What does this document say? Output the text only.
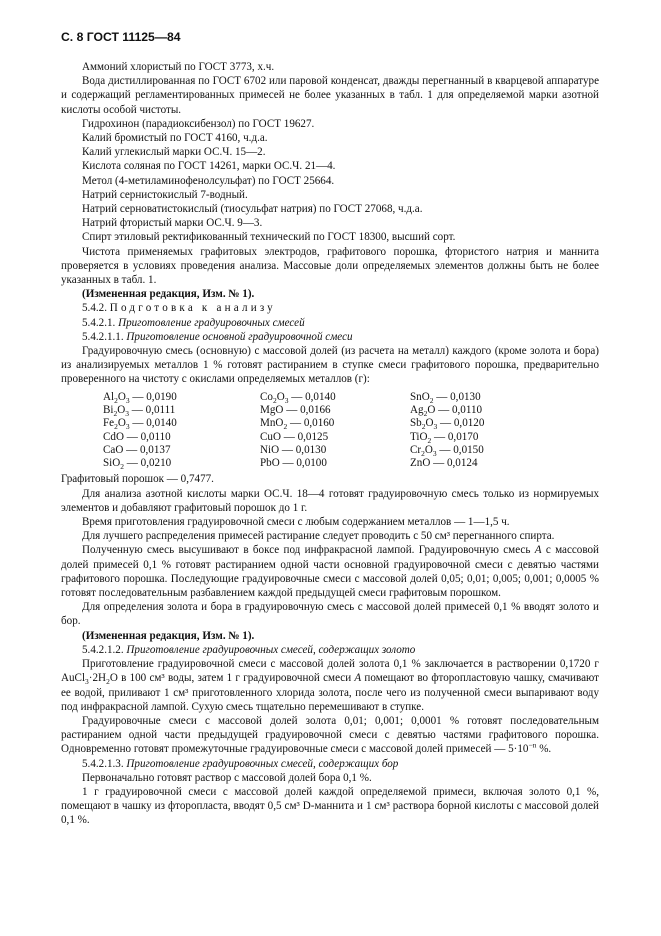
С. 8 ГОСТ 11125—84

Аммоний хлористый по ГОСТ 3773, х.ч.

Вода дистиллированная по ГОСТ 6702 или паровой конденсат, дважды перегнанный в кварцевой аппаратуре и содержащий регламентированных примесей не более указанных в табл. 1 для определяемой марки азотной кислоты особой чистоты.

Гидрохинон (парадиоксибензол) по ГОСТ 19627.

Калий бромистый по ГОСТ 4160, ч.д.а.

Калий углекислый марки ОС.Ч. 15—2.

Кислота соляная по ГОСТ 14261, марки ОС.Ч. 21—4.

Метол (4-метиламинофенолсульфат) по ГОСТ 25664.

Натрий сернистокислый 7-водный.

Натрий серноватистокислый (тиосульфат натрия) по ГОСТ 27068, ч.д.а.

Натрий фтористый марки ОС.Ч. 9—3.

Спирт этиловый ректификованный технический по ГОСТ 18300, высший сорт.

Чистота применяемых графитовых электродов, графитового порошка, фтористого натрия и маннита проверяется в условиях проведения анализа. Массовые доли определяемых элементов должны быть не более указанных в табл. 1.

(Измененная редакция, Изм. № 1).

5.4.2. Подготовка к анализу

5.4.2.1. Приготовление градуировочных смесей

5.4.2.1.1. Приготовление основной градуировочной смеси

Градуировочную смесь (основную) с массовой долей (из расчета на металл) каждого (кроме золота и бора) из анализируемых металлов 1 % готовят растиранием в ступке смеси графитового порошка, предварительно проверенного на чистоту с окислами определяемых металлов (г):

$Al_2O_3$ — 0,0190	$Co_2O_3$ — 0,0140	SnO$_2$ — 0,0130
$Bi_2O_3$ — 0,0111	MgO — 0,0166	$Ag_2O$ — 0,0110
$Fe_2O_3$ — 0,0140	MnO$_2$ — 0,0160	$Sb_2O_3$ — 0,0120
CdO — 0,0110	CuO — 0,0125	TiO$_2$ — 0,0170
CaO — 0,0137	NiO — 0,0130	$Cr_2O_3$ — 0,0150
SiO$_2$ — 0,0210	PbO — 0,0100	ZnO — 0,0124

Графитовый порошок — 0,7477.

Для анализа азотной кислоты марки ОС.Ч. 18—4 готовят градуировочную смесь только из нормируемых элементов и добавляют графитовый порошок до 1 г.

Время приготовления градуировочной смеси с любым содержанием металлов — 1—1,5 ч.

Для лучшего распределения примесей растирание следует проводить с 50 см³ перегнанного спирта.

Полученную смесь высушивают в боксе под инфракрасной лампой. Градуировочную смесь А с массовой долей примесей 0,1 % готовят растиранием одной части основной градуировочной смеси с девятью частями графитового порошка. Последующие градуировочные смеси с массовой долей 0,05; 0,01; 0,005; 0,001; 0,0005 % готовят последовательным разбавлением каждой предыдущей смеси графитовым порошком.

Для определения золота и бора в градуировочную смесь с массовой долей примесей 0,1 % вводят золото и бор.

(Измененная редакция, Изм. № 1).

5.4.2.1.2. Приготовление градуировочных смесей, содержащих золото

Приготовление градуировочной смеси с массовой долей золота 0,1 % заключается в растворении 0,1720 г $AuCl_3\cdot 2H_2O$ в 100 см³ воды, затем 1 г градуировочной смеси А помещают во фторопластовую чашку, смачивают ее водой, приливают 1 см³ приготовленного хлорида золота, после чего из полученной смеси выпаривают воду под инфракрасной лампой. Сухую смесь тщательно перемешивают в ступке.

Градуировочные смеси с массовой долей золота 0,01; 0,001; 0,0001 % готовят последовательным растиранием одной части предыдущей градуировочной смеси с девятью частями графитового порошка. Одновременно готовят промежуточные градуировочные смеси с массовой долей примесей — $5\cdot 10^{-n}$ %.

5.4.2.1.3. Приготовление градуировочных смесей, содержащих бор

Первоначально готовят раствор с массовой долей бора 0,1 %.

1 г градуировочной смеси с массовой долей каждой определяемой примеси, включая золото 0,1 %, помещают в чашку из фторопласта, вводят 0,5 см³ D-маннита и 1 см³ раствора борной кислоты с массовой долей 0,1 %.
